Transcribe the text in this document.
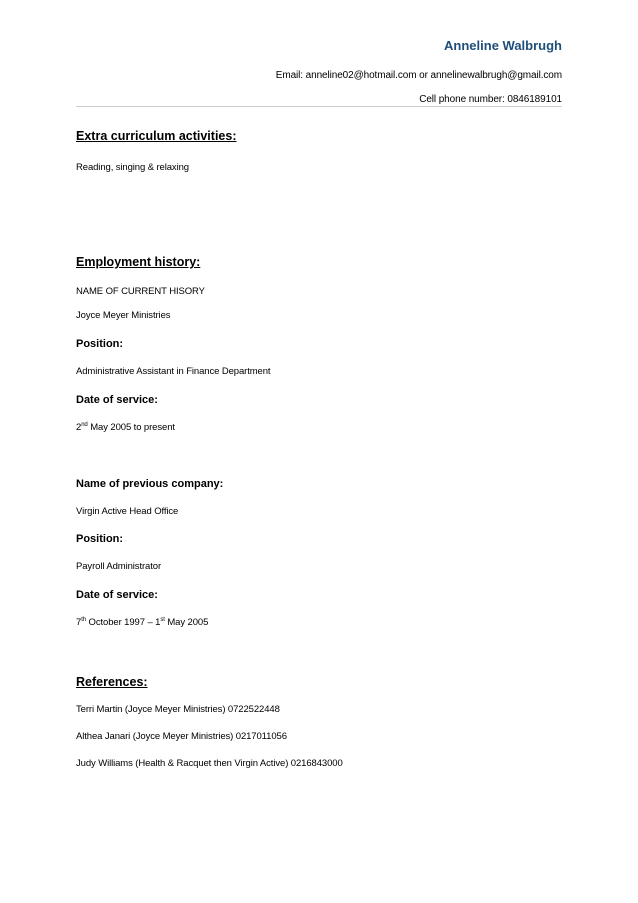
Anneline Walbrugh
Email: anneline02@hotmail.com or annelinewalbrugh@gmail.com
Cell phone number: 0846189101
Extra curriculum activities:
Reading, singing & relaxing
Employment history:
NAME OF CURRENT HISORY
Joyce Meyer Ministries
Position:
Administrative Assistant in Finance Department
Date of service:
2nd May 2005 to present
Name of previous company:
Virgin Active Head Office
Position:
Payroll Administrator
Date of service:
7th October 1997 – 1st May 2005
References:
Terri Martin (Joyce Meyer Ministries) 0722522448
Althea Janari (Joyce Meyer Ministries) 0217011056
Judy Williams (Health & Racquet then Virgin Active) 0216843000
